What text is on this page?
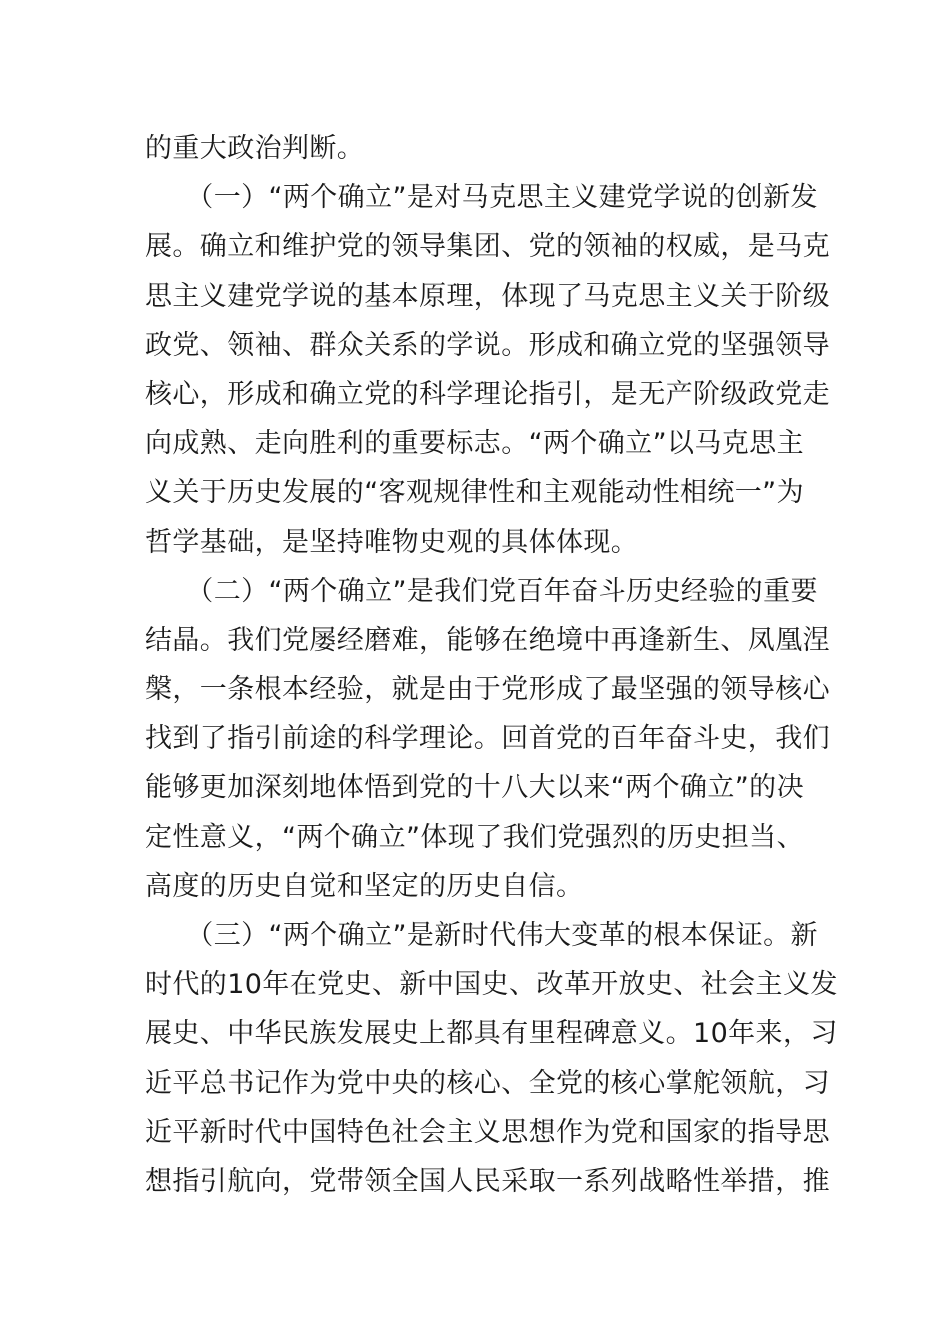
的重大政治判断。
　　（一）“两个确立”是对马克思主义建党学说的创新发
展。确立和维护党的领导集团、党的领袖的权威，是马克
思主义建党学说的基本原理，体现了马克思主义关于阶级
政党、领袖、群众关系的学说。形成和确立党的坚强领导
核心，形成和确立党的科学理论指引，是无产阶级政党走
向成熟、走向胜利的重要标志。“两个确立”以马克思主
义关于历史发展的“客观规律性和主观能动性相统一”为
哲学基础，是坚持唯物史观的具体体现。
　　（二）“两个确立”是我们党百年奋斗历史经验的重要
结晶。我们党屡经磨难，能够在绝境中再逢新生、凤凰涅
槃，一条根本经验，就是由于党形成了最坚强的领导核心
找到了指引前途的科学理论。回首党的百年奋斗史，我们
能够更加深刻地体悟到党的十八大以来“两个确立”的决
定性意义，“两个确立”体现了我们党强烈的历史担当、
高度的历史自觉和坚定的历史自信。
　　（三）“两个确立”是新时代伟大变革的根本保证。新
时代的10年在党史、新中国史、改革开放史、社会主义发
展史、中华民族发展史上都具有里程碑意义。10年来，习
近平总书记作为党中央的核心、全党的核心掌舵领航，习
近平新时代中国特色社会主义思想作为党和国家的指导思
想指引航向，党带领全国人民采取一系列战略性举措，推
